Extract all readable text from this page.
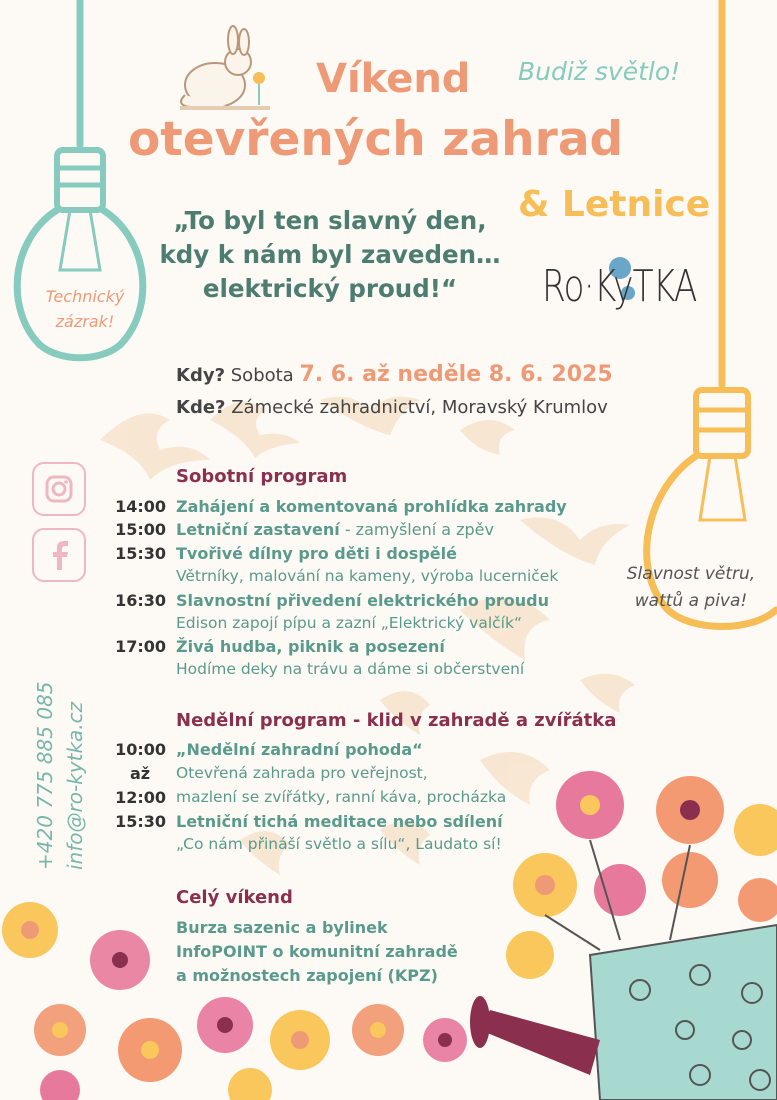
Víkend
otevřených zahrad
& Letnice
Budiž světlo!
„To byl ten slavný den,
kdy k nám byl zaveden…
elektrický proud!“
Technický
zázrak!
Slavnost větru,
wattů a piva!
Ro·KyTKA
Kdy? Sobota 7. 6. až neděle 8. 6. 2025
Kde? Zámecké zahradnictví, Moravský Krumlov
+420 775 885 085 info@ro-kytka.cz
Sobotní program
14:00 Zahájení a komentovaná prohlídka zahrady
15:00 Letniční zastavení - zamyšlení a zpěv
15:30 Tvořivé dílny pro děti i dospělé
Větrníky, malování na kameny, výroba lucerniček
16:30 Slavnostní přivedení elektrického proudu
Edison zapojí pípu a zazní „Elektrický valčík“
17:00 Živá hudba, piknik a posezení
Hodíme deky na trávu a dáme si občerstvení
Nedělní program - klid v zahradě a zvířátka
10:00 „Nedělní zahradní pohoda“
až	Otevřená zahrada pro veřejnost,
12:00 mazlení se zvířátky, ranní káva, procházka
15:30 Letniční tichá meditace nebo sdílení
„Co nám přináší světlo a sílu“, Laudato sí!
Celý víkend
Burza sazenic a bylinek
InfoPOINT o komunitní zahradě
a možnostech zapojení (KPZ)
